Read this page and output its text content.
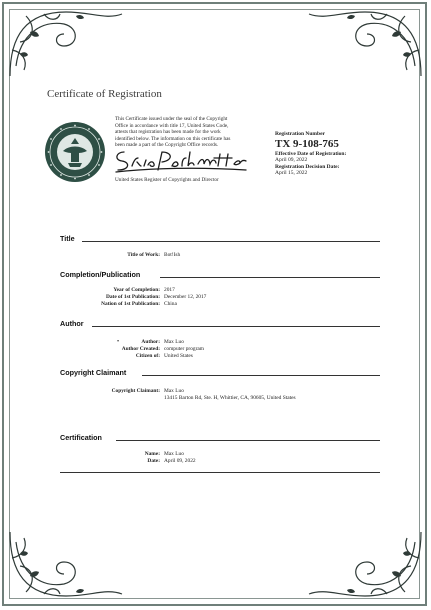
Certificate of Registration
This Certificate issued under the seal of the Copyright
Office in accordance with title 17, United States Code,
attests that registration has been made for the work
identified below. The information on this certificate has
been made a part of the Copyright Office records.
United States Register of Copyrights and Director
Registration Number
TX 9-108-765
Effective Date of Registration:
April 09, 2022
Registration Decision Date:
April 15, 2022
Title
Title of Work: Bot!Ish
Completion/Publication
Year of Completion: 2017
Date of 1st Publication: December 12, 2017
Nation of 1st Publication: China
Author
•	Author: Max Luo
Author Created: computer program
Citizen of: United States
Copyright Claimant
Copyright Claimant: Max Luo
13415 Barton Rd, Ste. H, Whittier, CA, 90605, United States
Certification
Name: Max Luo
Date: April 09, 2022
